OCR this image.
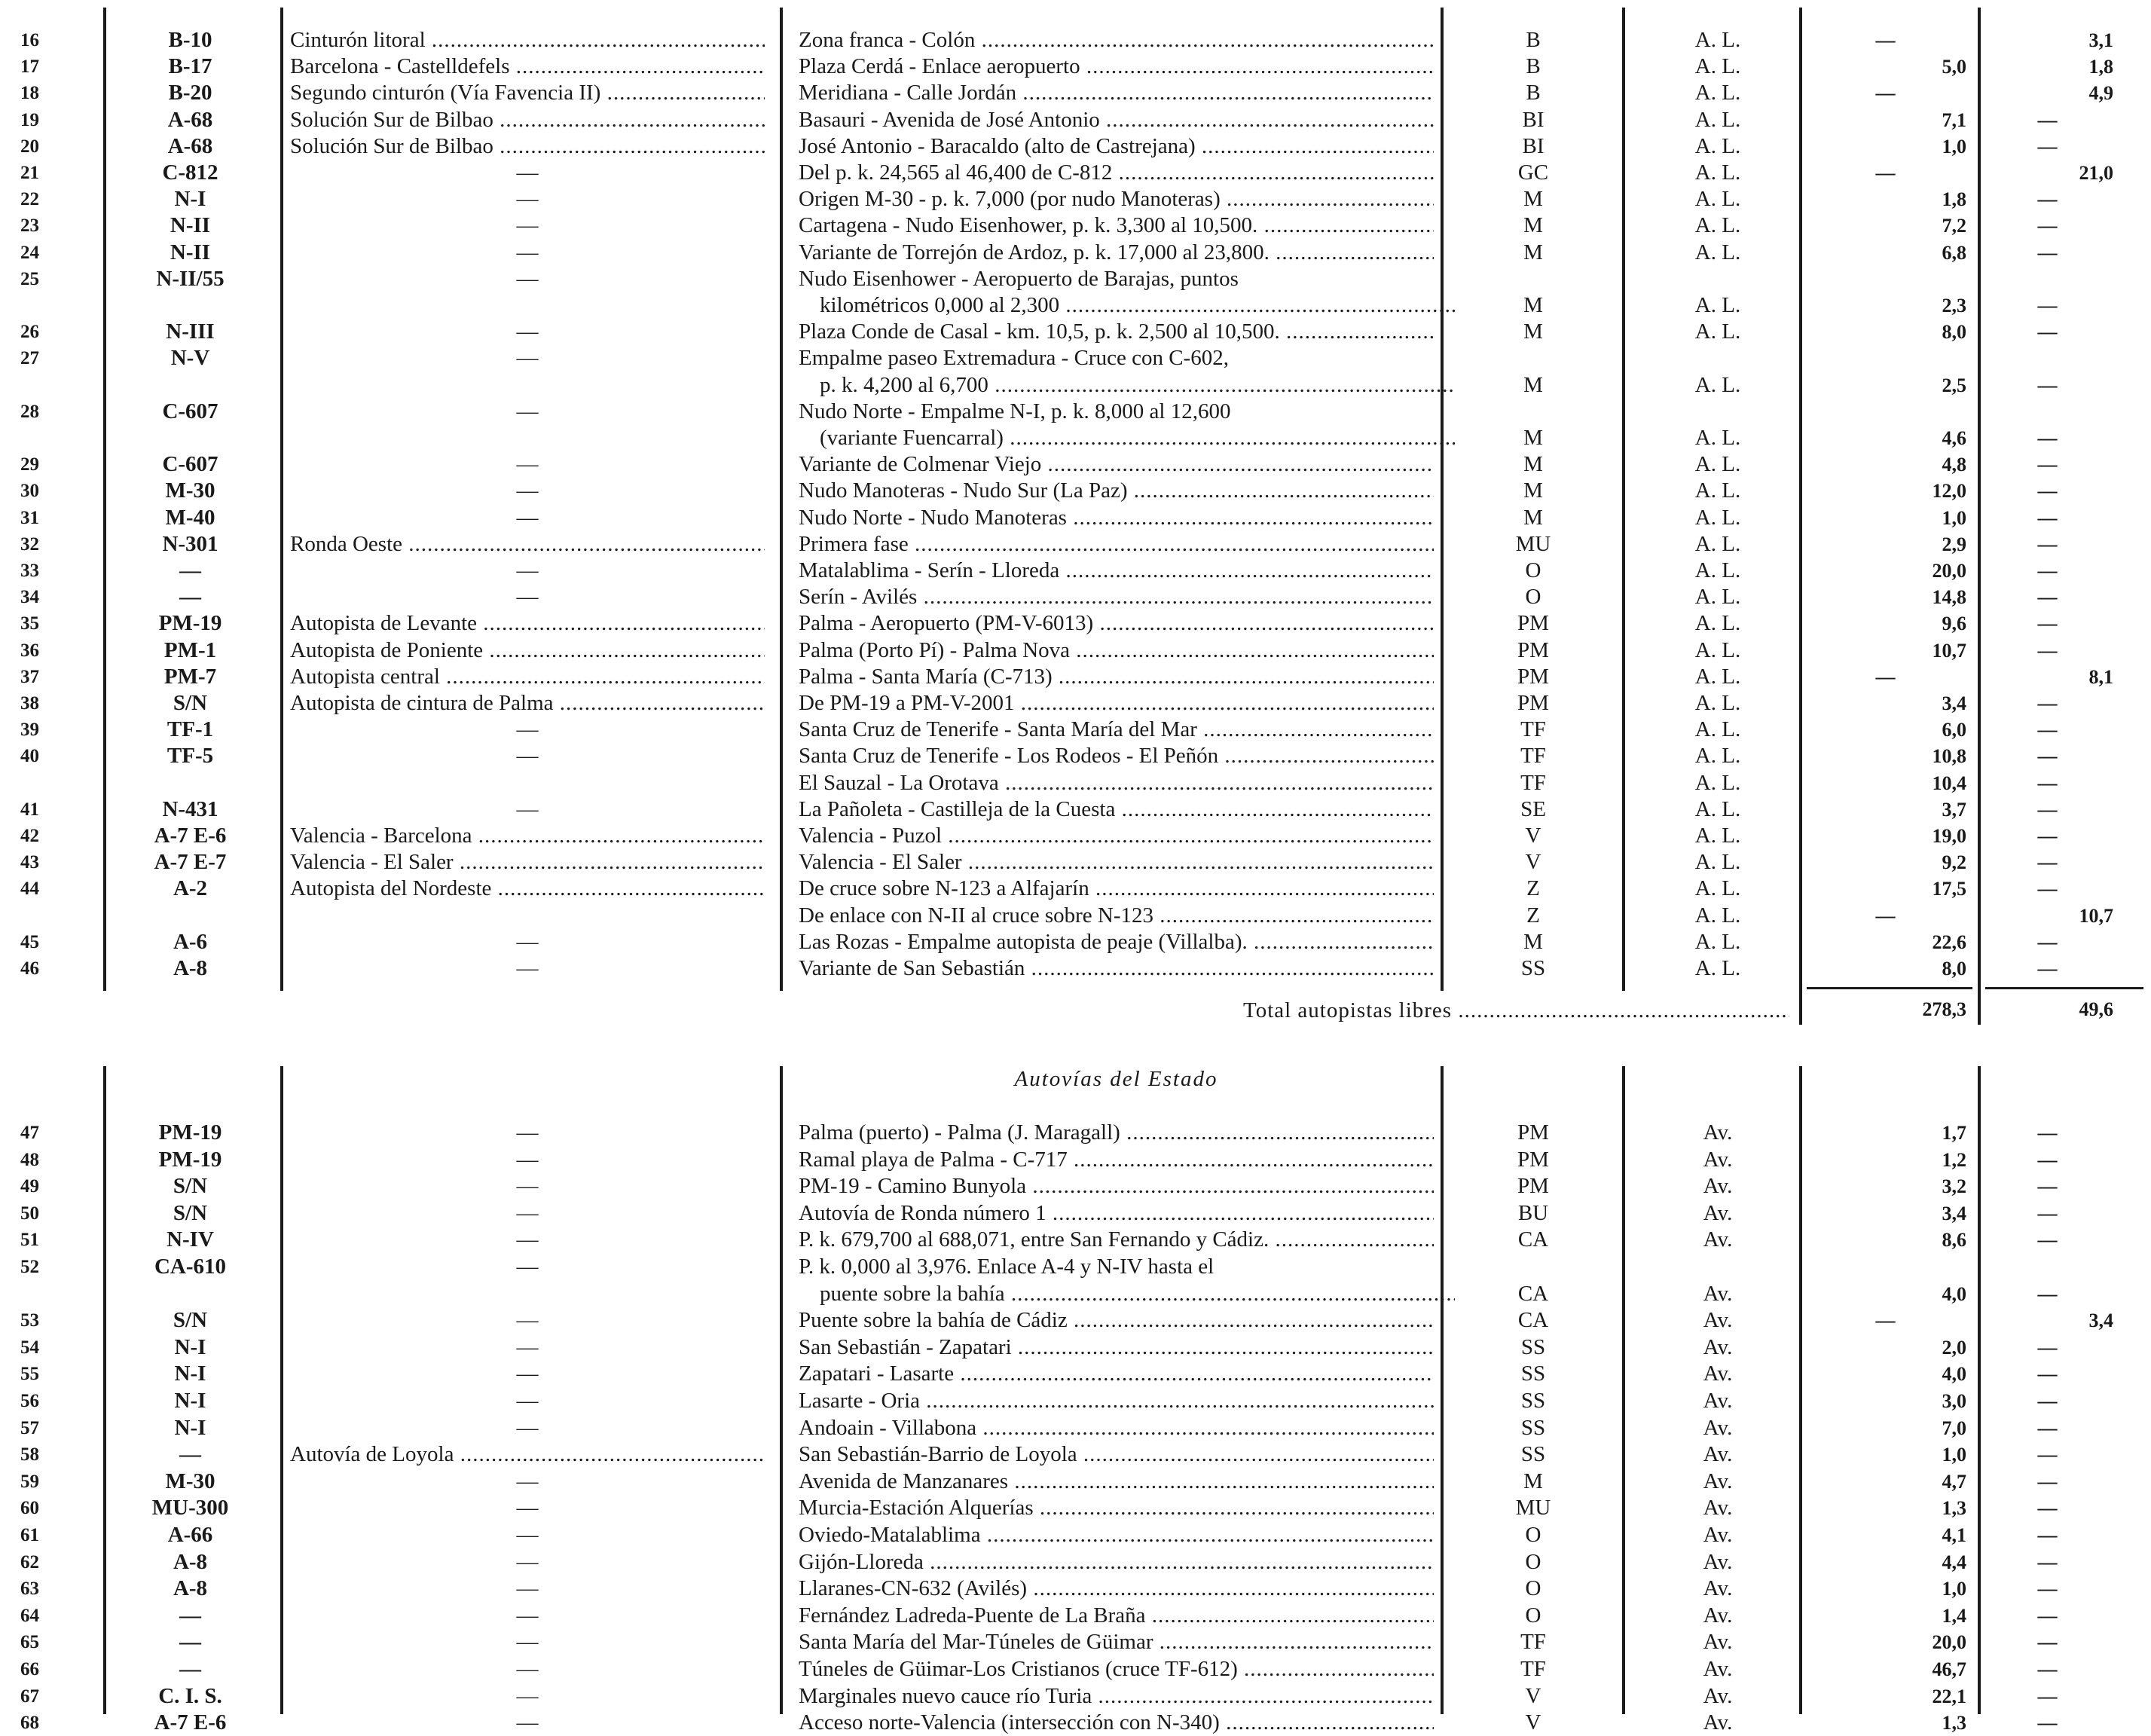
16	B-10	Cinturón litoral .....	Zona franca - Colón .....	B	A. L.	—	3,1
17	B-17	Barcelona - Castelldefels .....	Plaza Cerdá - Enlace aeropuerto .....	B	A. L.	5,0	1,8
18	B-20	Segundo cinturón (Vía Favencia II) .....	Meridiana - Calle Jordán .....	B	A. L.	—	4,9
19	A-68	Solución Sur de Bilbao .....	Basauri - Avenida de José Antonio .....	BI	A. L.	7,1	—
20	A-68	Solución Sur de Bilbao .....	José Antonio - Baracaldo (alto de Castrejana) .....	BI	A. L.	1,0	—
21	C-812	—	Del p. k. 24,565 al 46,400 de C-812 .....	GC	A. L.	—	21,0
22	N-I	—	Origen M-30 - p. k. 7,000 (por nudo Manoteras) .....	M	A. L.	1,8	—
23	N-II	—	Cartagena - Nudo Eisenhower, p. k. 3,300 al 10,500. .....	M	A. L.	7,2	—
24	N-II	—	Variante de Torrejón de Ardoz, p. k. 17,000 al 23,800. .....	M	A. L.	6,8	—
25	N-II/55	—	Nudo Eisenhower - Aeropuerto de Barajas, puntos
kilométricos 0,000 al 2,300 .....	M	A. L.	2,3	—
26	N-III	—	Plaza Conde de Casal - km. 10,5, p. k. 2,500 al 10,500. .....	M	A. L.	8,0	—
27	N-V	—	Empalme paseo Extremadura - Cruce con C-602,
p. k. 4,200 al 6,700 .....	M	A. L.	2,5	—
28	C-607	—	Nudo Norte - Empalme N-I, p. k. 8,000 al 12,600
(variante Fuencarral) .....	M	A. L.	4,6	—
29	C-607	—	Variante de Colmenar Viejo .....	M	A. L.	4,8	—
30	M-30	—	Nudo Manoteras - Nudo Sur (La Paz) .....	M	A. L.	12,0	—
31	M-40	—	Nudo Norte - Nudo Manoteras .....	M	A. L.	1,0	—
32	N-301	Ronda Oeste .....	Primera fase .....	MU	A. L.	2,9	—
33	—	—	Matalablima - Serín - Lloreda .....	O	A. L.	20,0	—
34	—	—	Serín - Avilés .....	O	A. L.	14,8	—
35	PM-19	Autopista de Levante .....	Palma - Aeropuerto (PM-V-6013) .....	PM	A. L.	9,6	—
36	PM-1	Autopista de Poniente .....	Palma (Porto Pí) - Palma Nova .....	PM	A. L.	10,7	—
37	PM-7	Autopista central .....	Palma - Santa María (C-713) .....	PM	A. L.	—	8,1
38	S/N	Autopista de cintura de Palma .....	De PM-19 a PM-V-2001 .....	PM	A. L.	3,4	—
39	TF-1	—	Santa Cruz de Tenerife - Santa María del Mar .....	TF	A. L.	6,0	—
40	TF-5	—	Santa Cruz de Tenerife - Los Rodeos - El Peñón .....	TF	A. L.	10,8	—
El Sauzal - La Orotava .....	TF	A. L.	10,4	—
41	N-431	—	La Pañoleta - Castilleja de la Cuesta .....	SE	A. L.	3,7	—
42	A-7 E-6	Valencia - Barcelona .....	Valencia - Puzol .....	V	A. L.	19,0	—
43	A-7 E-7	Valencia - El Saler .....	Valencia - El Saler .....	V	A. L.	9,2	—
44	A-2	Autopista del Nordeste .....	De cruce sobre N-123 a Alfajarín .....	Z	A. L.	17,5	—
De enlace con N-II al cruce sobre N-123 .....	Z	A. L.	—	10,7
45	A-6	—	Las Rozas - Empalme autopista de peaje (Villalba). .....	M	A. L.	22,6	—
46	A-8	—	Variante de San Sebastián .....	SS	A. L.	8,0	—
Total autopistas libres .....	278,3	49,6
Autovías del Estado
47	PM-19	—	Palma (puerto) - Palma (J. Maragall) .....	PM	Av.	1,7	—
48	PM-19	—	Ramal playa de Palma - C-717 .....	PM	Av.	1,2	—
49	S/N	—	PM-19 - Camino Bunyola .....	PM	Av.	3,2	—
50	S/N	—	Autovía de Ronda número 1 .....	BU	Av.	3,4	—
51	N-IV	—	P. k. 679,700 al 688,071, entre San Fernando y Cádiz. .....	CA	Av.	8,6	—
52	CA-610	—	P. k. 0,000 al 3,976. Enlace A-4 y N-IV hasta el
puente sobre la bahía .....	CA	Av.	4,0	—
53	S/N	—	Puente sobre la bahía de Cádiz .....	CA	Av.	—	3,4
54	N-I	—	San Sebastián - Zapatari .....	SS	Av.	2,0	—
55	N-I	—	Zapatari - Lasarte .....	SS	Av.	4,0	—
56	N-I	—	Lasarte - Oria .....	SS	Av.	3,0	—
57	N-I	—	Andoain - Villabona .....	SS	Av.	7,0	—
58	—	Autovía de Loyola .....	San Sebastián-Barrio de Loyola .....	SS	Av.	1,0	—
59	M-30	—	Avenida de Manzanares .....	M	Av.	4,7	—
60	MU-300	—	Murcia-Estación Alquerías .....	MU	Av.	1,3	—
61	A-66	—	Oviedo-Matalablima .....	O	Av.	4,1	—
62	A-8	—	Gijón-Lloreda .....	O	Av.	4,4	—
63	A-8	—	Llaranes-CN-632 (Avilés) .....	O	Av.	1,0	—
64	—	—	Fernández Ladreda-Puente de La Braña .....	O	Av.	1,4	—
65	—	—	Santa María del Mar-Túneles de Güimar .....	TF	Av.	20,0	—
66	—	—	Túneles de Güimar-Los Cristianos (cruce TF-612) .....	TF	Av.	46,7	—
67	C. I. S.	—	Marginales nuevo cauce río Turia .....	V	Av.	22,1	—
68	A-7 E-6	—	Acceso norte-Valencia (intersección con N-340) .....	V	Av.	1,3	—
